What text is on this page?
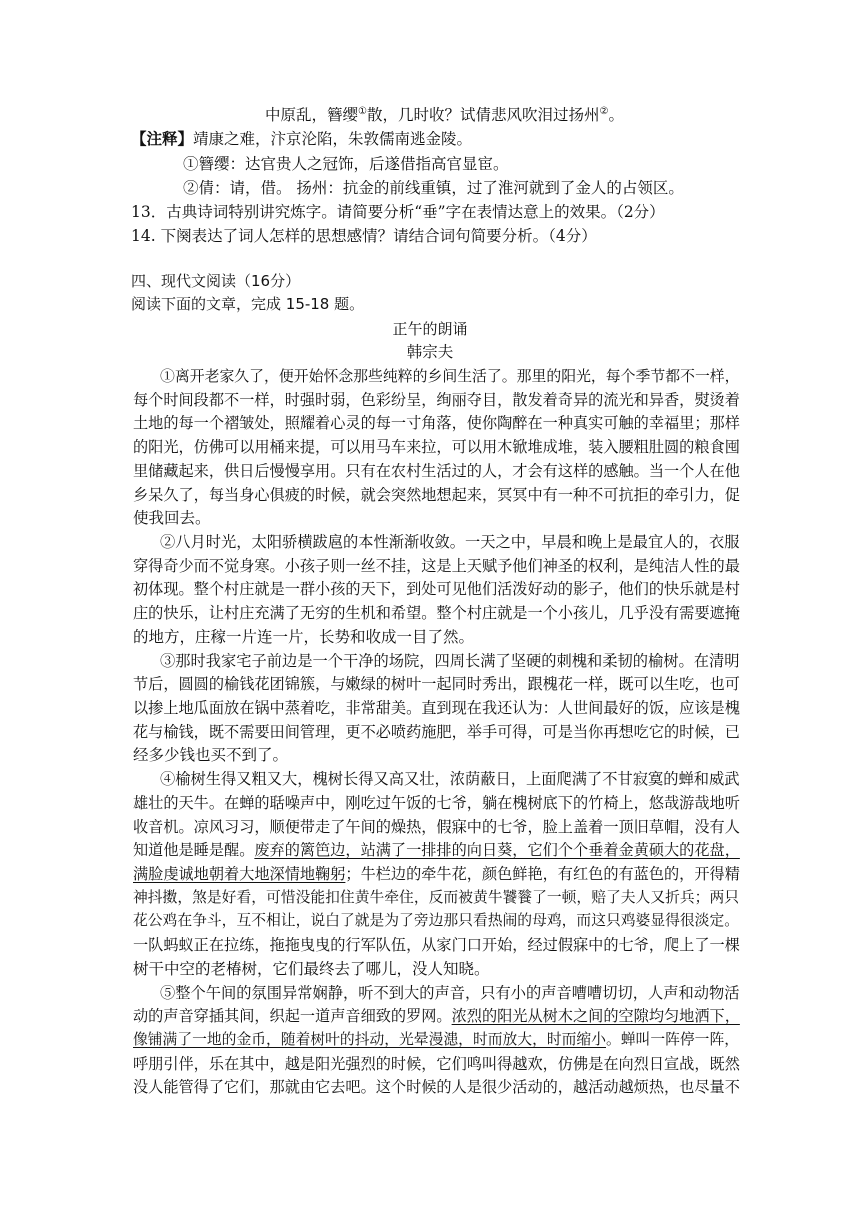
中原乱，簪缨①散，几时收？试倩悲风吹泪过扬州②。
【注释】靖康之难，汴京沦陷，朱敦儒南逃金陵。
①簪缨：达官贵人之冠饰，后遂借指高官显宦。
②倩：请，借。 扬州：抗金的前线重镇，过了淮河就到了金人的占领区。
13．古典诗词特别讲究炼字。请简要分析“垂”字在表情达意上的效果。（2分）
14. 下阕表达了词人怎样的思想感情？请结合词句简要分析。（4分）
四、现代文阅读（16分）
阅读下面的文章，完成 15-18 题。
正午的朗诵
韩宗夫
①离开老家久了，便开始怀念那些纯粹的乡间生活了。那里的阳光，每个季节都不一样，
每个时间段都不一样，时强时弱，色彩纷呈，绚丽夺目，散发着奇异的流光和异香，熨烫着
土地的每一个褶皱处，照耀着心灵的每一寸角落，使你陶醉在一种真实可触的幸福里；那样
的阳光，仿佛可以用桶来提，可以用马车来拉，可以用木锨堆成堆，装入腰粗肚圆的粮食囤
里储藏起来，供日后慢慢享用。只有在农村生活过的人，才会有这样的感触。当一个人在他
乡呆久了，每当身心俱疲的时候，就会突然地想起来，冥冥中有一种不可抗拒的牵引力，促
使我回去。
②八月时光，太阳骄横跋扈的本性渐渐收敛。一天之中，早晨和晚上是最宜人的，衣服
穿得奇少而不觉身寒。小孩子则一丝不挂，这是上天赋予他们神圣的权利，是纯洁人性的最
初体现。整个村庄就是一群小孩的天下，到处可见他们活泼好动的影子，他们的快乐就是村
庄的快乐，让村庄充满了无穷的生机和希望。整个村庄就是一个小孩儿，几乎没有需要遮掩
的地方，庄稼一片连一片，长势和收成一目了然。
③那时我家宅子前边是一个干净的场院，四周长满了坚硬的刺槐和柔韧的榆树。在清明
节后，圆圆的榆钱花团锦簇，与嫩绿的树叶一起同时秀出，跟槐花一样，既可以生吃，也可
以掺上地瓜面放在锅中蒸着吃，非常甜美。直到现在我还认为：人世间最好的饭，应该是槐
花与榆钱，既不需要田间管理，更不必喷药施肥，举手可得，可是当你再想吃它的时候，已
经多少钱也买不到了。
④榆树生得又粗又大，槐树长得又高又壮，浓荫蔽日，上面爬满了不甘寂寞的蝉和威武
雄壮的天牛。在蝉的聒噪声中，刚吃过午饭的七爷，躺在槐树底下的竹椅上，悠哉游哉地听
收音机。凉风习习，顺便带走了午间的燥热，假寐中的七爷，脸上盖着一顶旧草帽，没有人
知道他是睡是醒。废弃的篱笆边，站满了一排排的向日葵，它们个个垂着金黄硕大的花盘，
满脸虔诚地朝着大地深情地鞠躬；牛栏边的牵牛花，颜色鲜艳，有红色的有蓝色的，开得精
神抖擞，煞是好看，可惜没能扣住黄牛牵住，反而被黄牛饕餮了一顿，赔了夫人又折兵；两只
花公鸡在争斗，互不相让，说白了就是为了旁边那只看热闹的母鸡，而这只鸡婆显得很淡定。
一队蚂蚁正在拉练，拖拖曳曳的行军队伍，从家门口开始，经过假寐中的七爷，爬上了一棵
树干中空的老椿树，它们最终去了哪儿，没人知晓。
⑤整个午间的氛围异常娴静，听不到大的声音，只有小的声音嘈嘈切切，人声和动物活
动的声音穿插其间，织起一道声音细致的罗网。浓烈的阳光从树木之间的空隙均匀地洒下，
像铺满了一地的金币，随着树叶的抖动，光晕漫漶，时而放大，时而缩小。蝉叫一阵停一阵，
呼朋引伴，乐在其中，越是阳光强烈的时候，它们鸣叫得越欢，仿佛是在向烈日宣战，既然
没人能管得了它们，那就由它去吧。这个时候的人是很少活动的，越活动越烦热，也尽量不
